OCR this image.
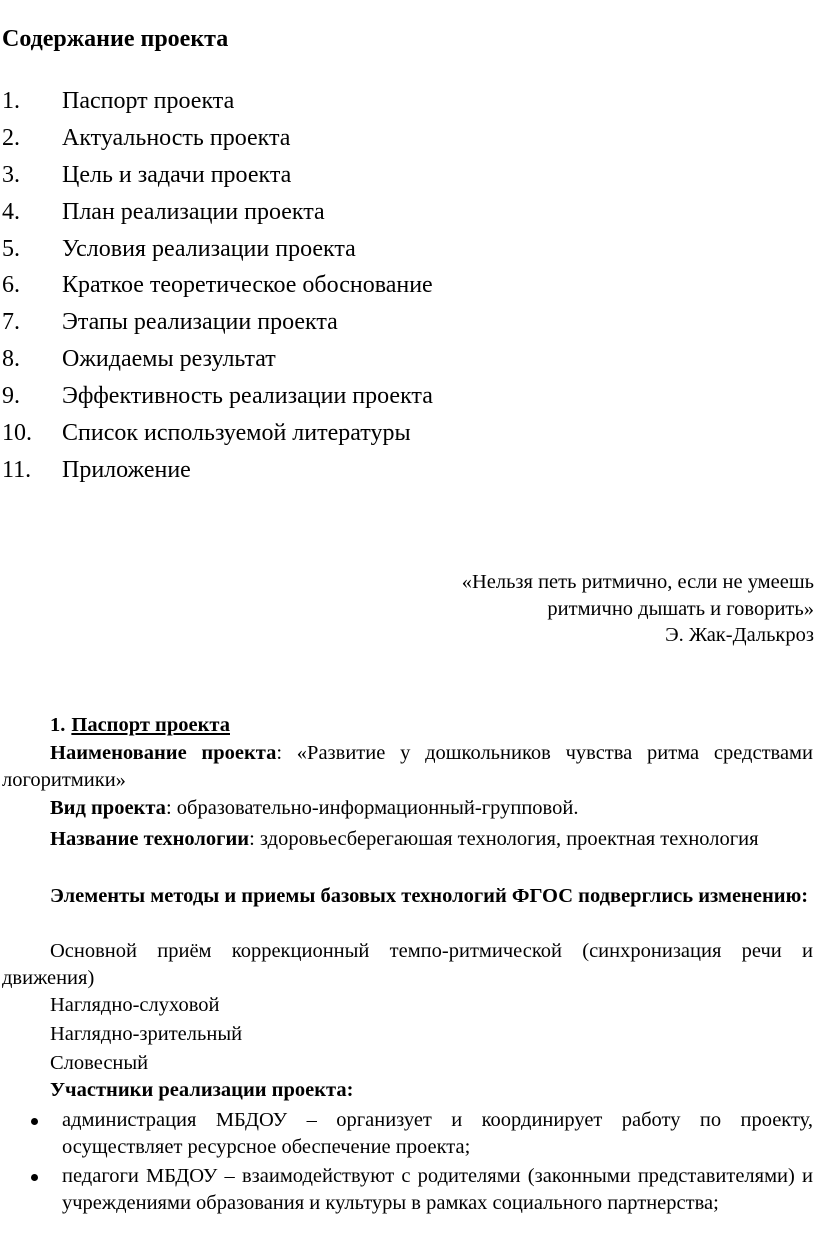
Содержание проекта
1. Паспорт проекта
2. Актуальность проекта
3. Цель и задачи проекта
4. План реализации проекта
5. Условия реализации проекта
6. Краткое теоретическое обоснование
7. Этапы реализации проекта
8. Ожидаемы результат
9. Эффективность реализации проекта
10. Список используемой литературы
11. Приложение
«Нельзя петь ритмично, если не умеешь
ритмично дышать и говорить»
Э. Жак-Далькроз
1. Паспорт проекта
Наименование проекта: «Развитие у дошкольников чувства ритма средствами логоритмики»
Вид проекта: образовательно-информационный-групповой.
Название технологии: здоровьесберегаюшая технология, проектная технология
Элементы методы и приемы базовых технологий ФГОС подверглись изменению:
Основной приём коррекционный темпо-ритмической (синхронизация речи и движения)
Наглядно-слуховой
Наглядно-зрительный
Словесный
Участники реализации проекта:
администрация МБДОУ – организует и координирует работу по проекту, осуществляет ресурсное обеспечение проекта;
педагоги МБДОУ – взаимодействуют с родителями (законными представителями) и учреждениями образования и культуры в рамках социального партнерства;
